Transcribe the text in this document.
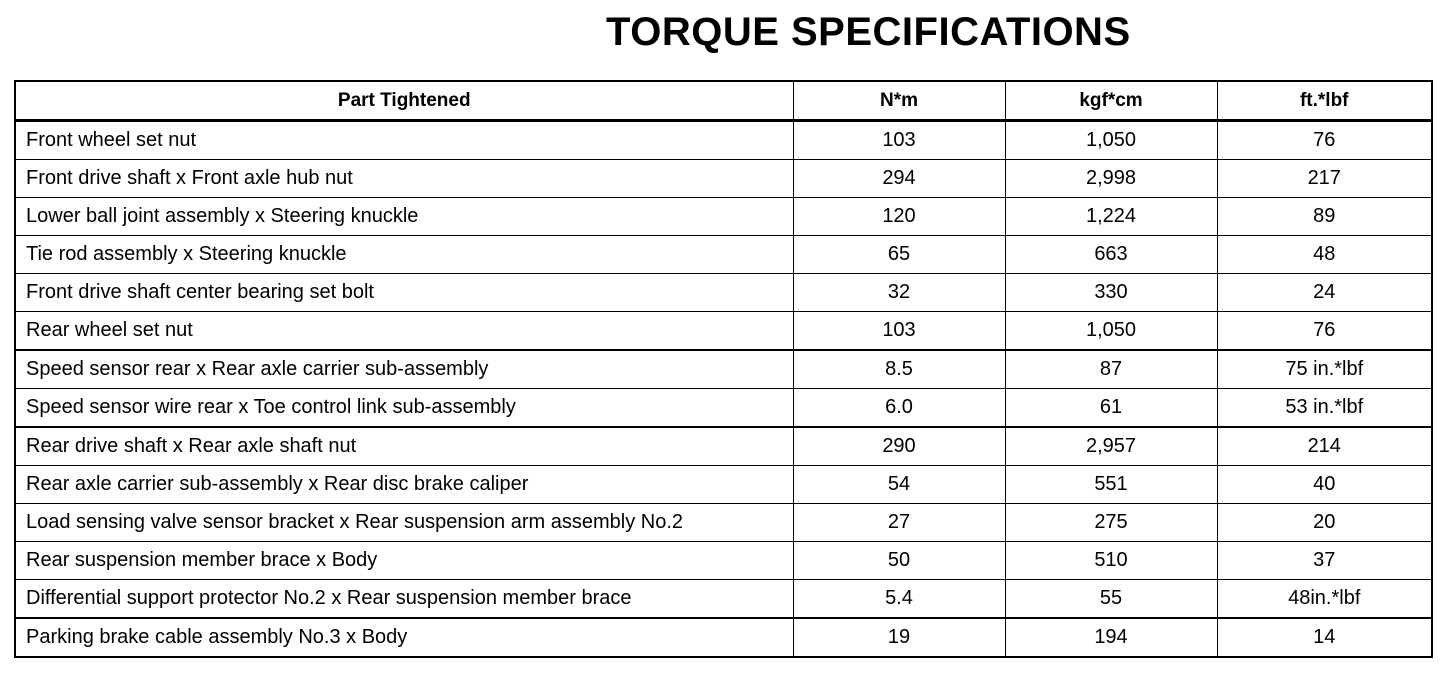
TORQUE SPECIFICATIONS
Part Tightened	N*m	kgf*cm	ft.*lbf
Front wheel set nut	103	1,050	76
Front drive shaft x Front axle hub nut	294	2,998	217
Lower ball joint assembly x Steering knuckle	120	1,224	89
Tie rod assembly x Steering knuckle	65	663	48
Front drive shaft center bearing set bolt	32	330	24
Rear wheel set nut	103	1,050	76
Speed sensor rear x Rear axle carrier sub-assembly	8.5	87	75 in.*lbf
Speed sensor wire rear x Toe control link sub-assembly	6.0	61	53 in.*lbf
Rear drive shaft x Rear axle shaft nut	290	2,957	214
Rear axle carrier sub-assembly x Rear disc brake caliper	54	551	40
Load sensing valve sensor bracket x Rear suspension arm assembly No.2	27	275	20
Rear suspension member brace x Body	50	510	37
Differential support protector No.2 x Rear suspension member brace	5.4	55	48in.*lbf
Parking brake cable assembly No.3 x Body	19	194	14
